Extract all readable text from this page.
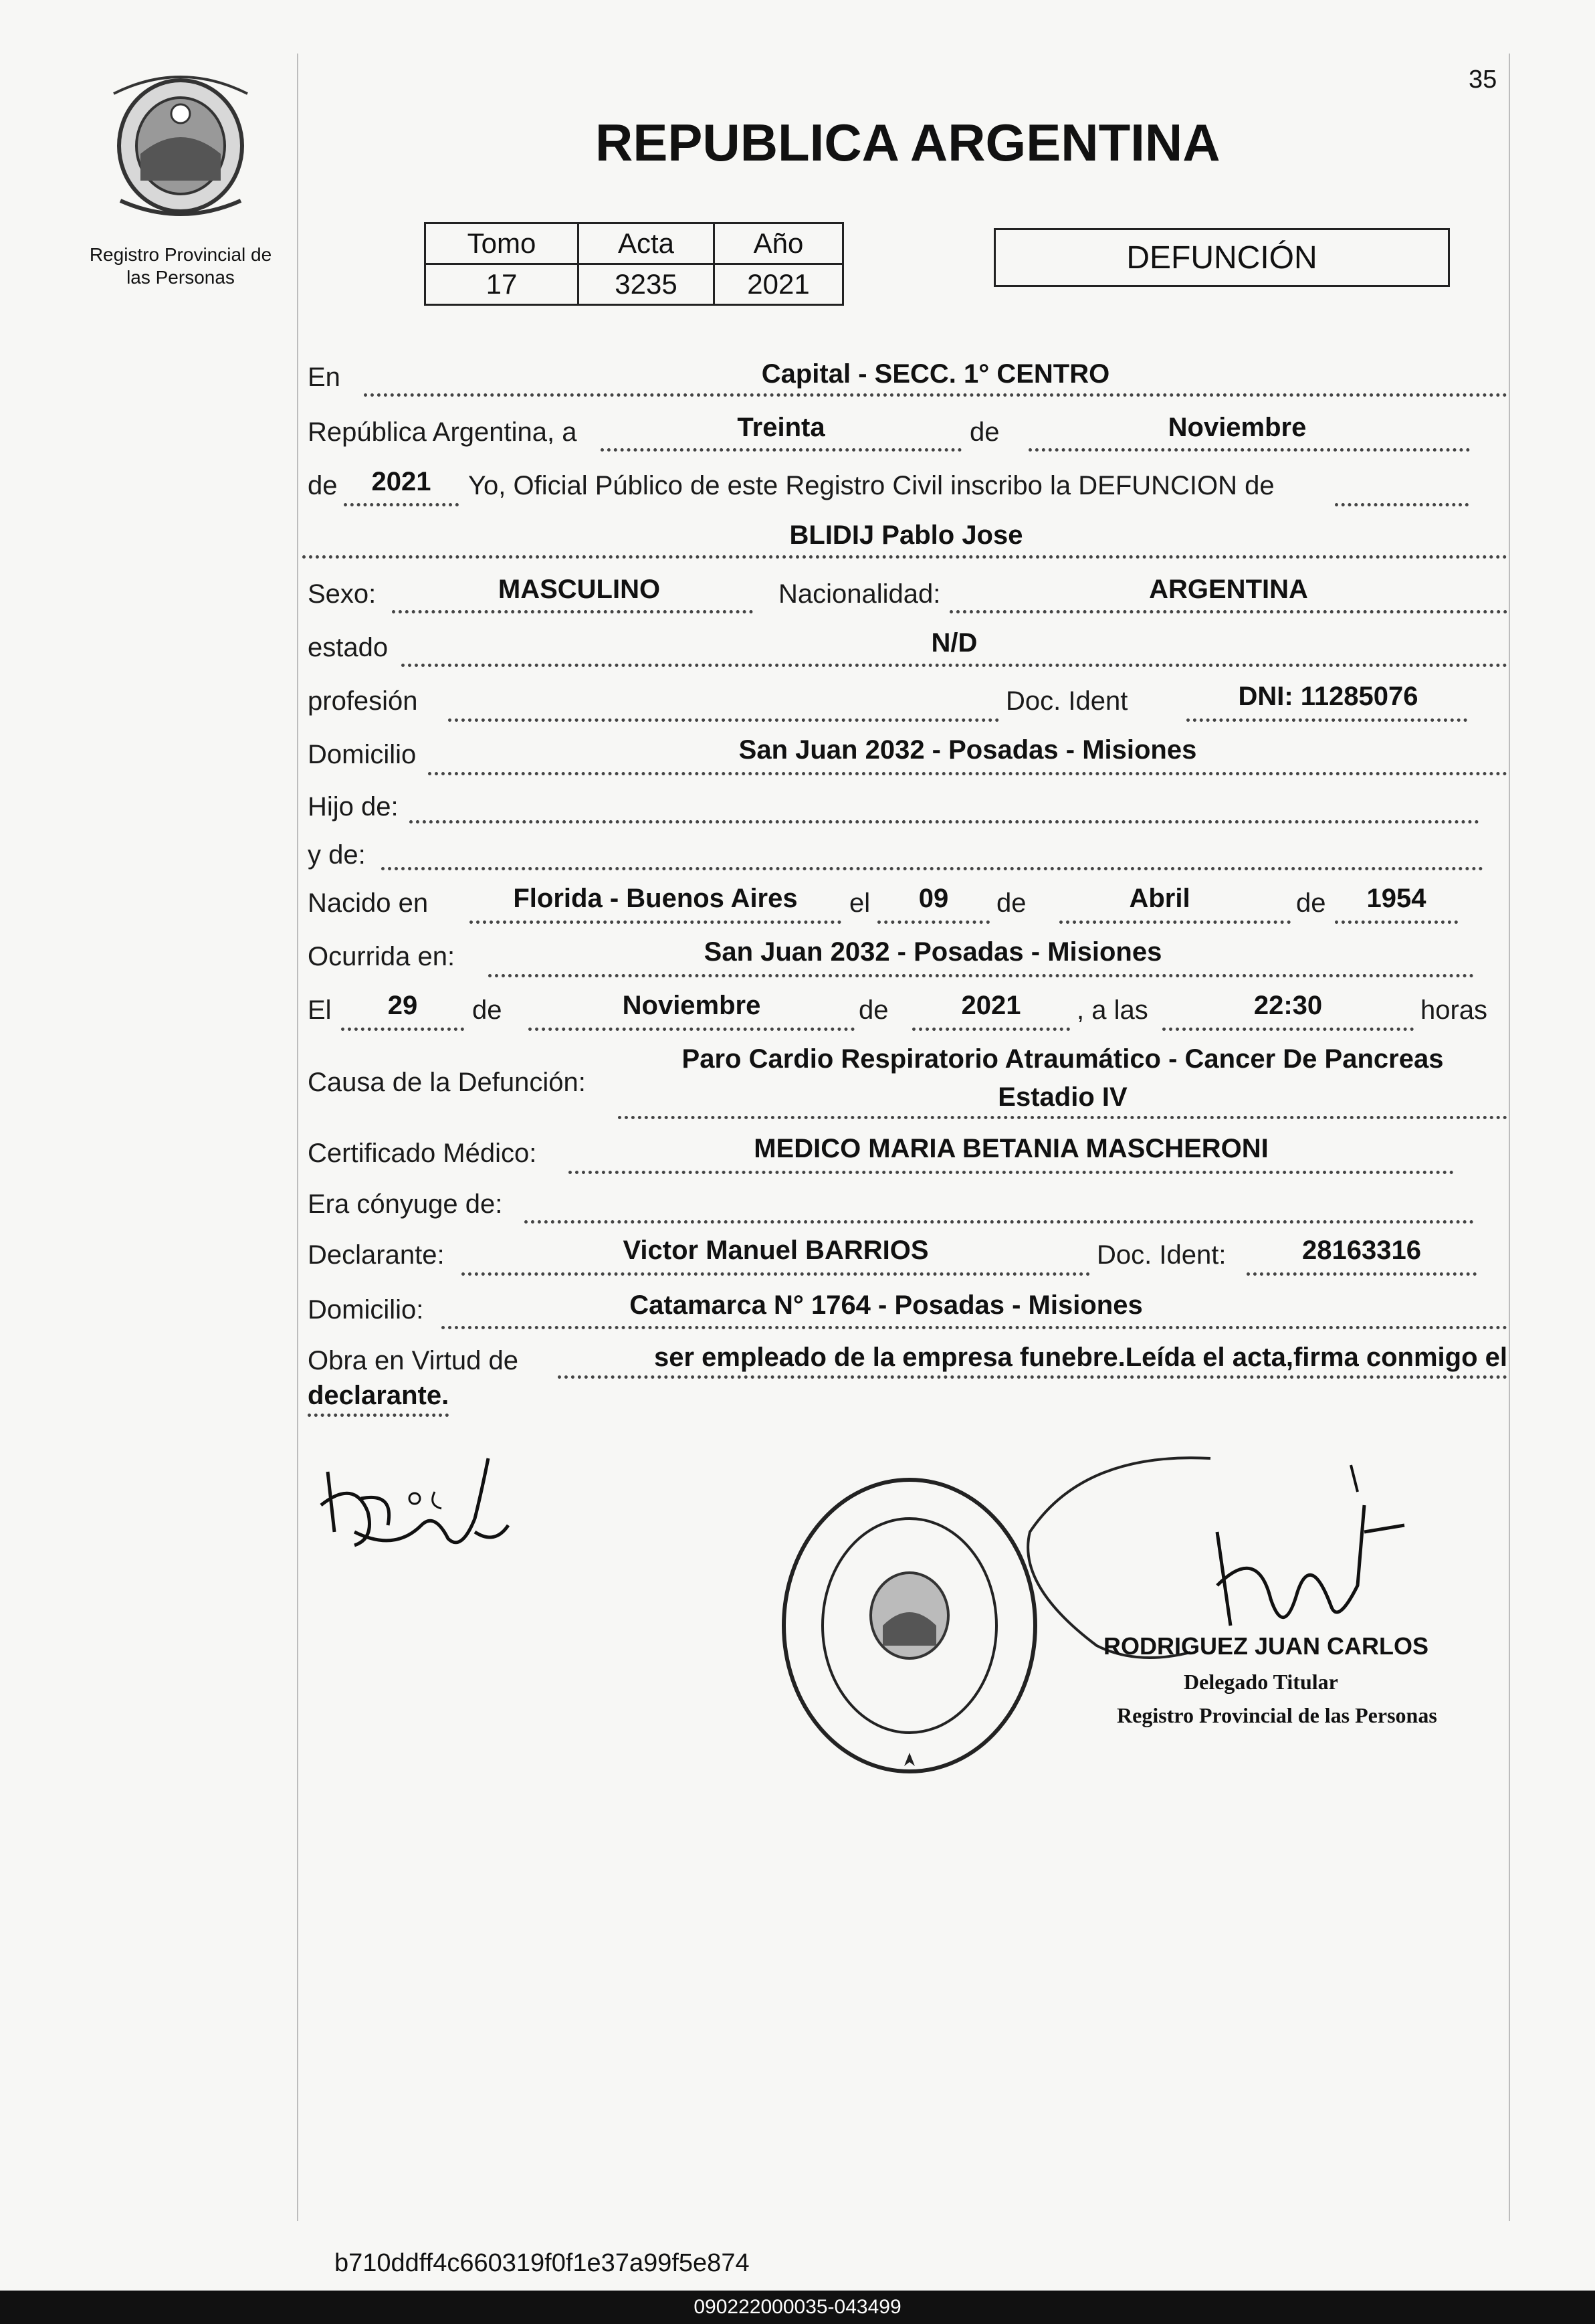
Registro Provincial de
las Personas
35
REPUBLICA ARGENTINA
Tomo	Acta	Año
17	3235	2021
DEFUNCIÓN
En	Capital - SECC. 1° CENTRO
República Argentina, a	Treinta	de	Noviembre
de	2021	Yo, Oficial Público de este Registro Civil inscribo la DEFUNCION de
BLIDIJ Pablo Jose
Sexo:	MASCULINO	Nacionalidad:	ARGENTINA
estado	N/D
profesión	Doc. Ident	DNI: 11285076
Domicilio	San Juan 2032 - Posadas - Misiones
Hijo de:
y de:
Nacido en	Florida - Buenos Aires	el	09	de	Abril	de	1954
Ocurrida en:	San Juan 2032 - Posadas - Misiones
El	29	de	Noviembre	de	2021	, a las	22:30	horas
Causa de la Defunción:
Paro Cardio Respiratorio Atraumático - Cancer De Pancreas
Estadio IV
Certificado Médico:	MEDICO MARIA BETANIA MASCHERONI
Era cónyuge de:
Declarante:	Victor Manuel BARRIOS	Doc. Ident:	28163316
Domicilio:	Catamarca N° 1764 - Posadas - Misiones
Obra en Virtud de	ser empleado de la empresa funebre.Leída el acta,firma conmigo el
declarante.
RODRIGUEZ JUAN CARLOS
Delegado Titular
Registro Provincial de las Personas
b710ddff4c660319f0f1e37a99f5e874
090222000035-043499
